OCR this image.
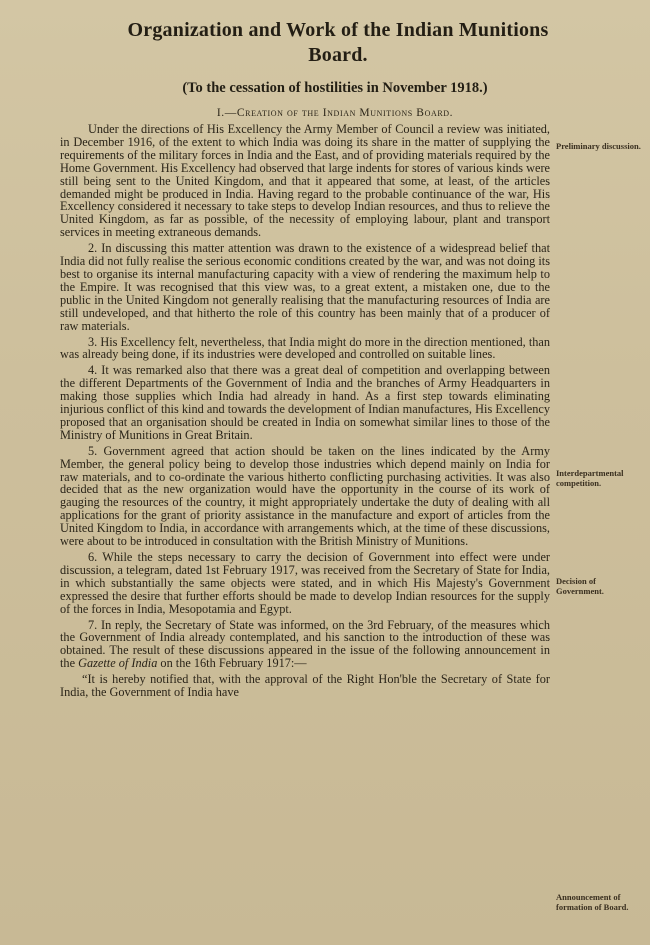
Organization and Work of the Indian Munitions
Board.
(To the cessation of hostilities in November 1918.)
I.—Creation of the Indian Munitions Board.

Under the directions of His Excellency the Army Member of Council a review was initiated, in December 1916, of the extent to which India was doing its share in the matter of supplying the requirements of the military forces in India and the East, and of providing materials required by the Home Government. His Excellency had observed that large indents for stores of various kinds were still being sent to the United Kingdom, and that it appeared that some, at least, of the articles demanded might be produced in India. Having regard to the probable continuance of the war, His Excellency considered it necessary to take steps to develop Indian resources, and thus to relieve the United Kingdom, as far as possible, of the necessity of employing labour, plant and transport services in meeting extraneous demands.

2. In discussing this matter attention was drawn to the existence of a widespread belief that India did not fully realise the serious economic conditions created by the war, and was not doing its best to organise its internal manufacturing capacity with a view of rendering the maximum help to the Empire. It was recognised that this view was, to a great extent, a mistaken one, due to the public in the United Kingdom not generally realising that the manufacturing resources of India are still undeveloped, and that hitherto the role of this country has been mainly that of a producer of raw materials.

3. His Excellency felt, nevertheless, that India might do more in the direction mentioned, than was already being done, if its industries were developed and controlled on suitable lines.

4. It was remarked also that there was a great deal of competition and overlapping between the different Departments of the Government of India and the branches of Army Headquarters in making those supplies which India had already in hand. As a first step towards eliminating injurious conflict of this kind and towards the development of Indian manufactures, His Excellency proposed that an organisation should be created in India on somewhat similar lines to those of the Ministry of Munitions in Great Britain.

5. Government agreed that action should be taken on the lines indicated by the Army Member, the general policy being to develop those industries which depend mainly on India for raw materials, and to co-ordinate the various hitherto conflicting purchasing activities. It was also decided that as the new organization would have the opportunity in the course of its work of gauging the resources of the country, it might appropriately undertake the duty of dealing with all applications for the grant of priority assistance in the manufacture and export of articles from the United Kingdom to India, in accordance with arrangements which, at the time of these discussions, were about to be introduced in consultation with the British Ministry of Munitions.

6. While the steps necessary to carry the decision of Government into effect were under discussion, a telegram, dated 1st February 1917, was received from the Secretary of State for India, in which substantially the same objects were stated, and in which His Majesty's Government expressed the desire that further efforts should be made to develop Indian resources for the supply of the forces in India, Mesopotamia and Egypt.

7. In reply, the Secretary of State was informed, on the 3rd February, of the measures which the Government of India already contemplated, and his sanction to the introduction of these was obtained. The result of these discussions appeared in the issue of the following announcement in the Gazette of India on the 16th February 1917:—

“It is hereby notified that, with the approval of the Right Hon'ble the Secretary of State for India, the Government of India have

Preliminary discussion.
Interdepartmental competition.
Decision of Government.
Announcement of formation of Board.
